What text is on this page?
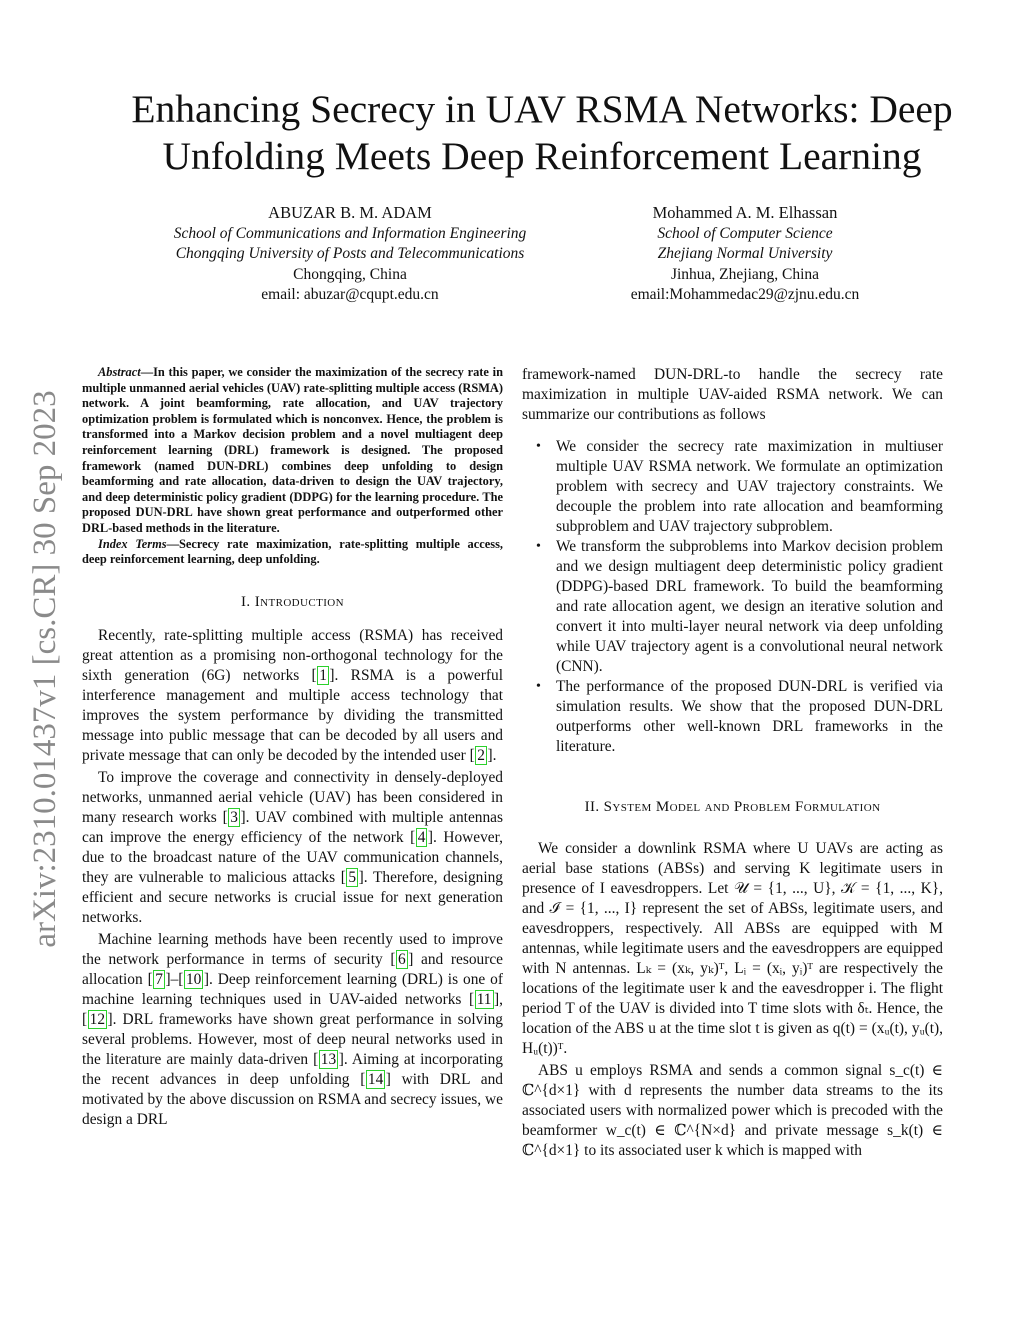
arXiv:2310.01437v1 [cs.CR] 30 Sep 2023
Enhancing Secrecy in UAV RSMA Networks: Deep Unfolding Meets Deep Reinforcement Learning
ABUZAR B. M. ADAM
School of Communications and Information Engineering
Chongqing University of Posts and Telecommunications
Chongqing, China
email: abuzar@cqupt.edu.cn
Mohammed A. M. Elhassan
School of Computer Science
Zhejiang Normal University
Jinhua, Zhejiang, China
email:Mohammedac29@zjnu.edu.cn

Abstract—In this paper, we consider the maximization of the secrecy rate in multiple unmanned aerial vehicles (UAV) rate-splitting multiple access (RSMA) network. A joint beamforming, rate allocation, and UAV trajectory optimization problem is formulated which is nonconvex. Hence, the problem is transformed into a Markov decision problem and a novel multiagent deep reinforcement learning (DRL) framework is designed. The proposed framework (named DUN-DRL) combines deep unfolding to design beamforming and rate allocation, data-driven to design the UAV trajectory, and deep deterministic policy gradient (DDPG) for the learning procedure. The proposed DUN-DRL have shown great performance and outperformed other DRL-based methods in the literature.

Index Terms—Secrecy rate maximization, rate-splitting multiple access, deep reinforcement learning, deep unfolding.

I. Introduction

Recently, rate-splitting multiple access (RSMA) has received great attention as a promising non-orthogonal technology for the sixth generation (6G) networks [ 1 ]. RSMA is a powerful interference management and multiple access technology that improves the system performance by dividing the transmitted message into public message that can be decoded by all users and private message that can only be decoded by the intended user [ 2 ].

To improve the coverage and connectivity in densely-deployed networks, unmanned aerial vehicle (UAV) has been considered in many research works [ 3 ]. UAV combined with multiple antennas can improve the energy efficiency of the network [ 4 ]. However, due to the broadcast nature of the UAV communication channels, they are vulnerable to malicious attacks [ 5 ]. Therefore, designing efficient and secure networks is crucial issue for next generation networks.

Machine learning methods have been recently used to improve the network performance in terms of security [ 6 ] and resource allocation [ 7 ]–[ 10 ]. Deep reinforcement learning (DRL) is one of machine learning techniques used in UAV-aided networks [ 11 ], [ 12 ]. DRL frameworks have shown great performance in solving several problems. However, most of deep neural networks used in the literature are mainly data-driven [ 13 ]. Aiming at incorporating the recent advances in deep unfolding [ 14 ] with DRL and motivated by the above discussion on RSMA and secrecy issues, we design a DRL

framework-named DUN-DRL-to handle the secrecy rate maximization in multiple UAV-aided RSMA network. We can summarize our contributions as follows

• We consider the secrecy rate maximization in multiuser multiple UAV RSMA network. We formulate an optimization problem with secrecy and UAV trajectory constraints. We decouple the problem into rate allocation and beamforming subproblem and UAV trajectory subproblem.
• We transform the subproblems into Markov decision problem and we design multiagent deep deterministic policy gradient (DDPG)-based DRL framework. To build the beamforming and rate allocation agent, we design an iterative solution and convert it into multi-layer neural network via deep unfolding while UAV trajectory agent is a convolutional neural network (CNN).
• The performance of the proposed DUN-DRL is verified via simulation results. We show that the proposed DUN-DRL outperforms other well-known DRL frameworks in the literature.
II. System Model and Problem Formulation

We consider a downlink RSMA where U UAVs are acting as aerial base stations (ABSs) and serving K legitimate users in presence of I eavesdroppers. Let 𝒰 = {1, ..., U}, 𝒦 = {1, ..., K}, and ℐ = {1, ..., I} represent the set of ABSs, legitimate users, and eavesdroppers, respectively. All ABSs are equipped with M antennas, while legitimate users and the eavesdroppers are equipped with N antennas. Lₖ = (xₖ, yₖ)ᵀ, Lᵢ = (xᵢ, yᵢ)ᵀ are respectively the locations of the legitimate user k and the eavesdropper i. The flight period T of the UAV is divided into T time slots with δₜ. Hence, the location of the ABS u at the time slot t is given as q(t) = (xᵤ(t), yᵤ(t), Hᵤ(t))ᵀ.

ABS u employs RSMA and sends a common signal s_c(t) ∈ ℂ^{d×1} with d represents the number data streams to the its associated users with normalized power which is precoded with the beamformer w_c(t) ∈ ℂ^{N×d} and private message s_k(t) ∈ ℂ^{d×1} to its associated user k which is mapped with
